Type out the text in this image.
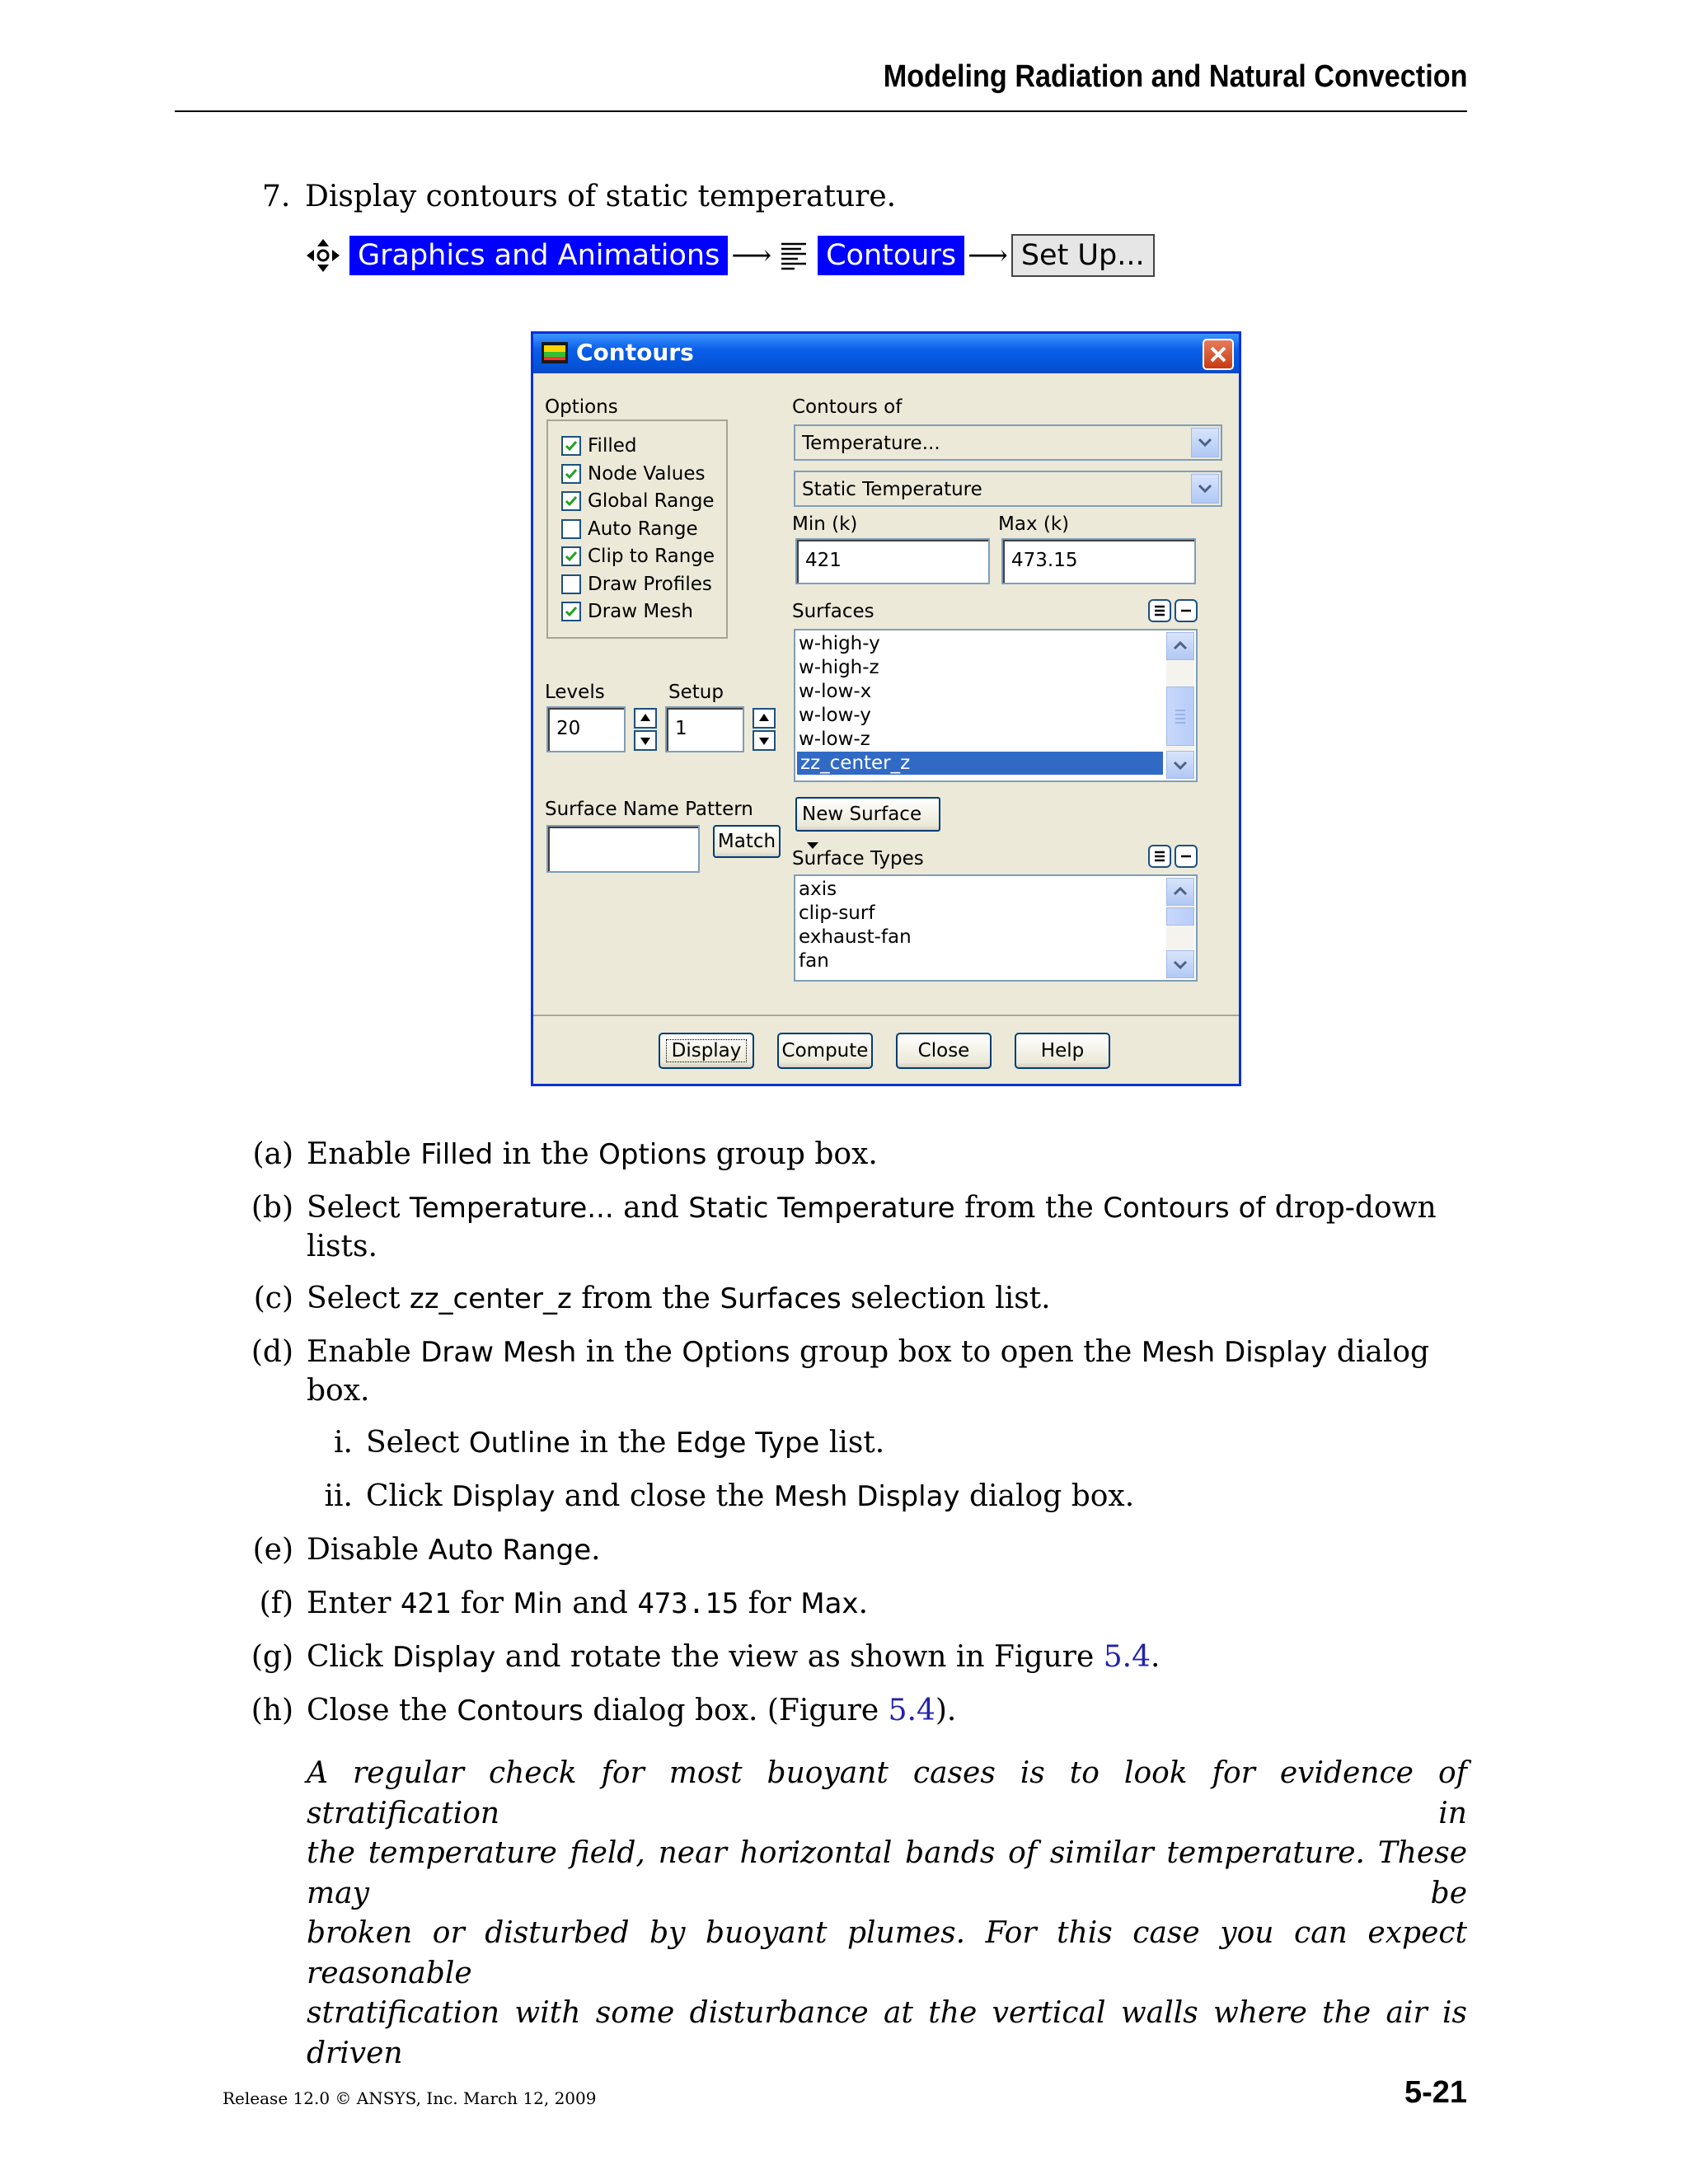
Modeling Radiation and Natural Convection
7. Display contours of static temperature.
Graphics and Animations ⟶ Contours ⟶ Set Up...
Contours
Options
Filled
Node Values
Global Range
Auto Range
Clip to Range
Draw Profiles
Draw Mesh
Levels	Setup
20	1
Surface Name Pattern
Match
Contours of
Temperature...
Static Temperature
Min (k)	Max (k)
421	473.15
Surfaces
w-high-y
w-high-z
w-low-x
w-low-y
w-low-z
zz_center_z
New Surface
Surface Types
axis
clip-surf
exhaust-fan
fan
Display	Compute	Close	Help
(a) Enable Filled in the Options group box.
(b) Select Temperature... and Static Temperature from the Contours of drop-down
lists.
(c) Select zz_center_z from the Surfaces selection list.
(d) Enable Draw Mesh in the Options group box to open the Mesh Display dialog
box.
i. Select Outline in the Edge Type list.
ii. Click Display and close the Mesh Display dialog box.
(e) Disable Auto Range.
(f) Enter 421 for Min and 473.15 for Max.
(g) Click Display and rotate the view as shown in Figure 5.4.
(h) Close the Contours dialog box. (Figure 5.4).
A regular check for most buoyant cases is to look for evidence of stratification in
the temperature field, near horizontal bands of similar temperature. These may be
broken or disturbed by buoyant plumes. For this case you can expect reasonable
stratification with some disturbance at the vertical walls where the air is driven
Release 12.0 © ANSYS, Inc. March 12, 2009	5-21
